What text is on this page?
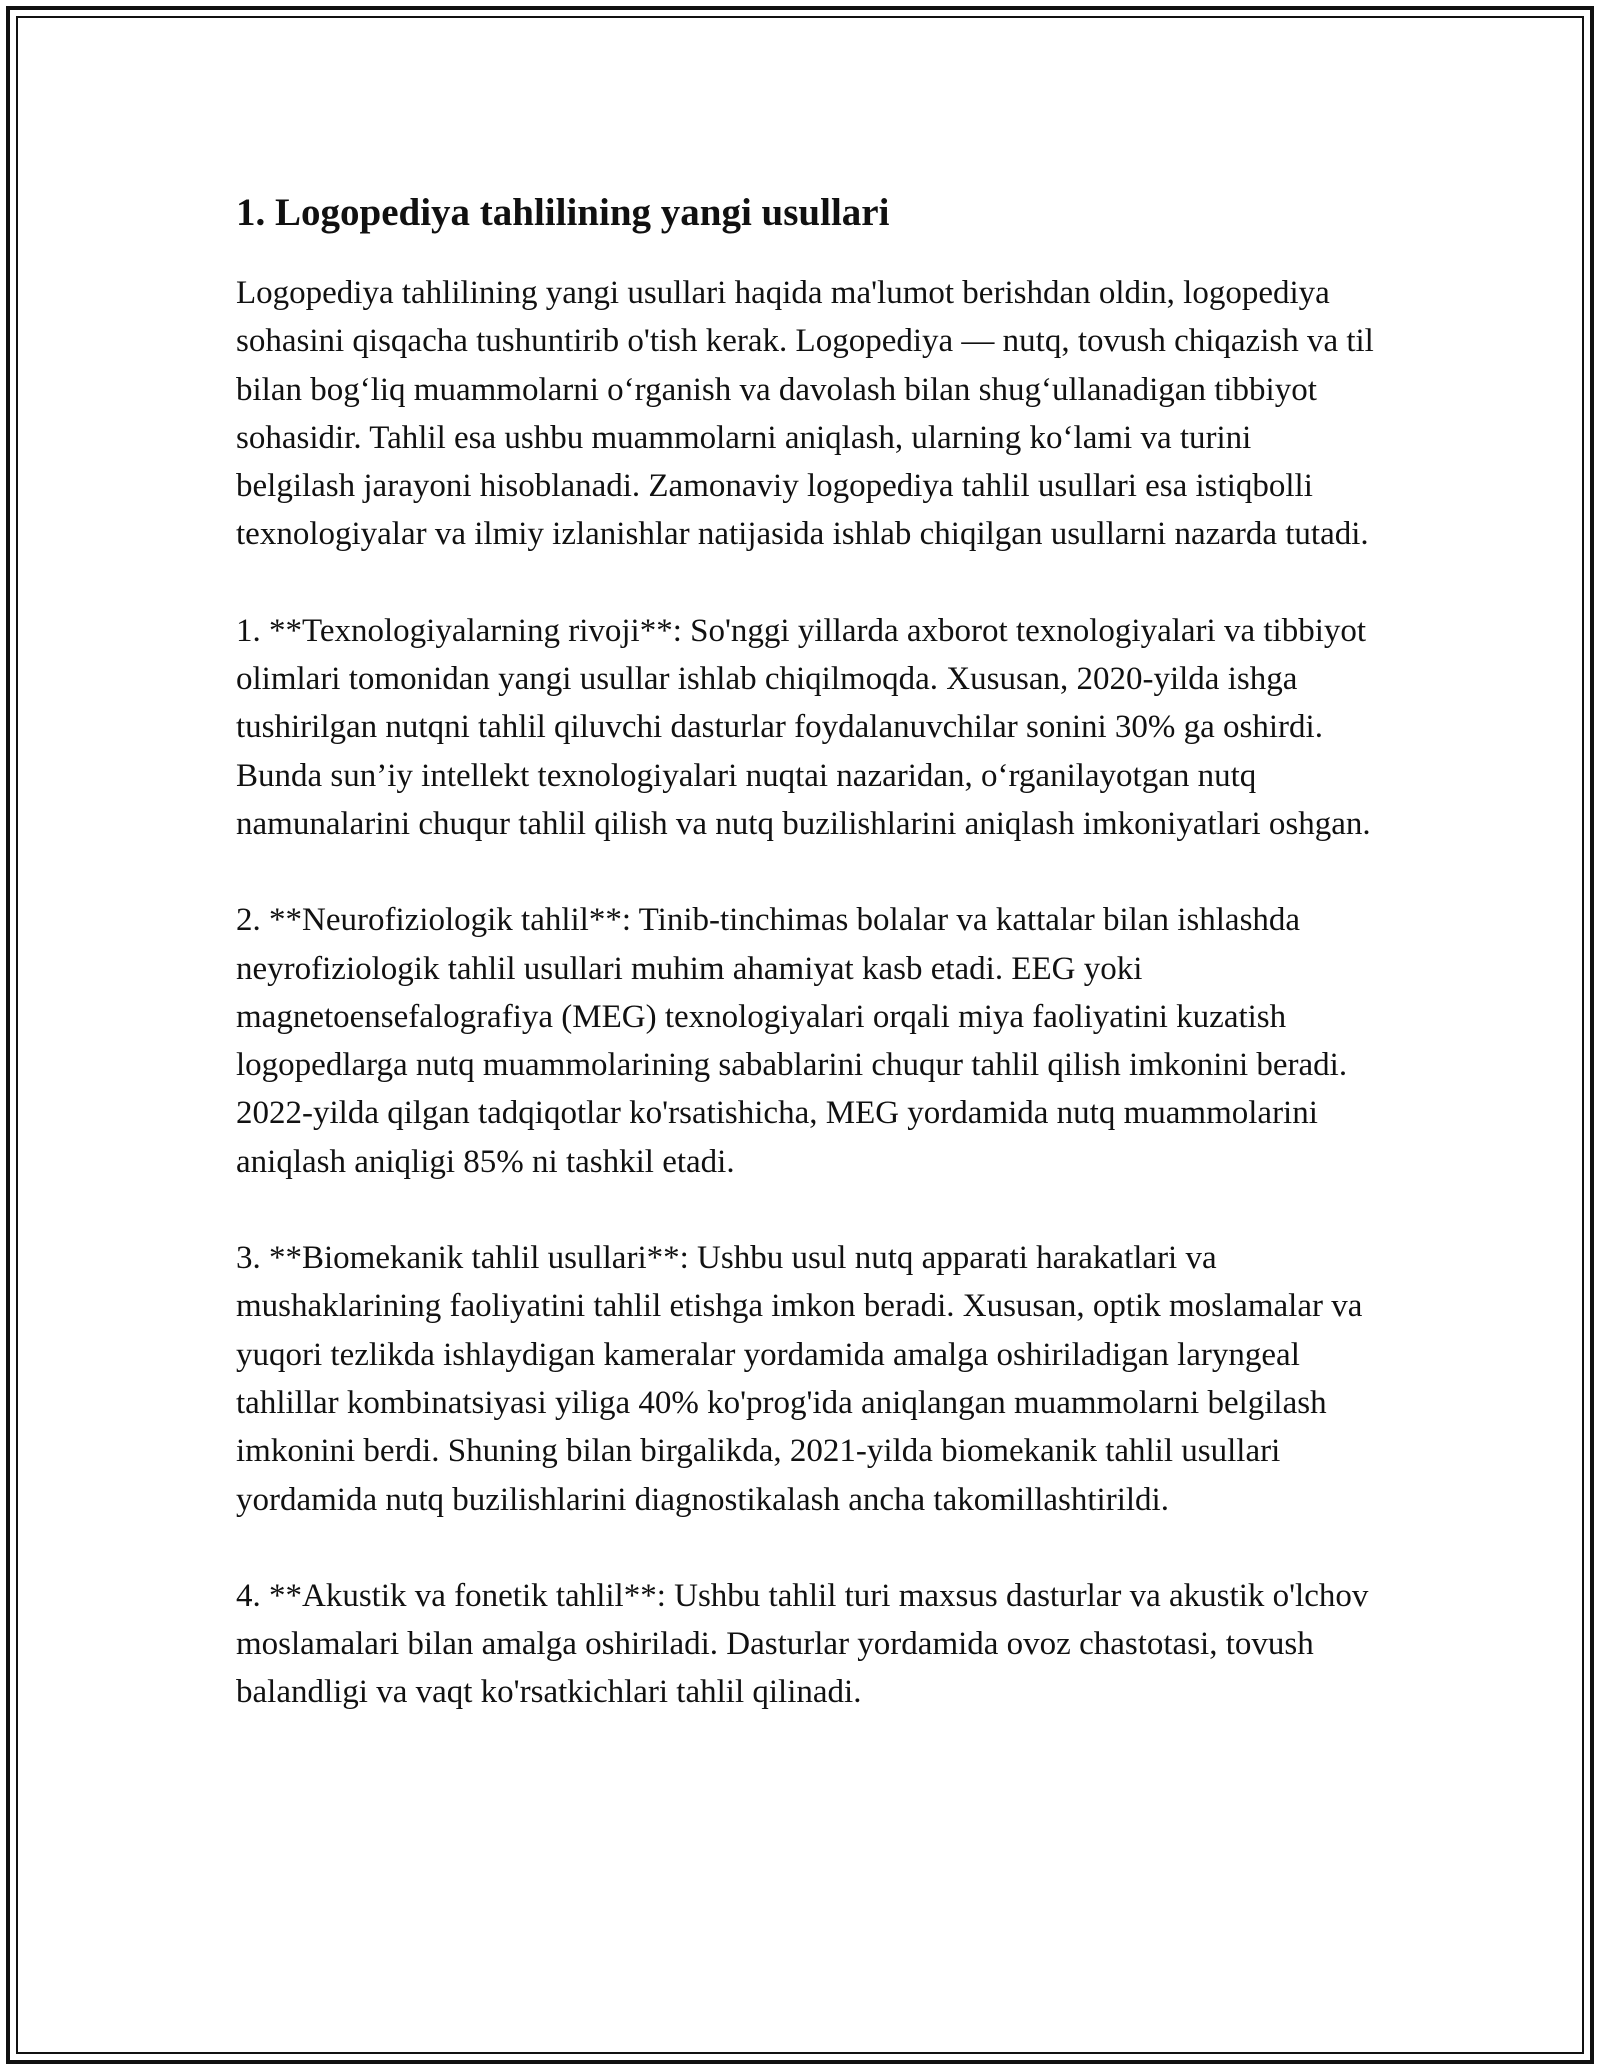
1. Logopediya tahlilining yangi usullari

Logopediya tahlilining yangi usullari haqida ma'lumot berishdan oldin, logopediya sohasini qisqacha tushuntirib o'tish kerak. Logopediya — nutq, tovush chiqazish va til bilan bog‘liq muammolarni o‘rganish va davolash bilan shug‘ullanadigan tibbiyot sohasidir. Tahlil esa ushbu muammolarni aniqlash, ularning ko‘lami va turini belgilash jarayoni hisoblanadi. Zamonaviy logopediya tahlil usullari esa istiqbolli texnologiyalar va ilmiy izlanishlar natijasida ishlab chiqilgan usullarni nazarda tutadi.

1. **Texnologiyalarning rivoji**: So'nggi yillarda axborot texnologiyalari va tibbiyot olimlari tomonidan yangi usullar ishlab chiqilmoqda. Xususan, 2020-yilda ishga tushirilgan nutqni tahlil qiluvchi dasturlar foydalanuvchilar sonini 30% ga oshirdi. Bunda sun’iy intellekt texnologiyalari nuqtai nazaridan, o‘rganilayotgan nutq namunalarini chuqur tahlil qilish va nutq buzilishlarini aniqlash imkoniyatlari oshgan.

2. **Neurofiziologik tahlil**: Tinib-tinchimas bolalar va kattalar bilan ishlashda neyrofiziologik tahlil usullari muhim ahamiyat kasb etadi. EEG yoki magnetoensefalografiya (MEG) texnologiyalari orqali miya faoliyatini kuzatish logopedlarga nutq muammolarining sabablarini chuqur tahlil qilish imkonini beradi. 2022-yilda qilgan tadqiqotlar ko'rsatishicha, MEG yordamida nutq muammolarini aniqlash aniqligi 85% ni tashkil etadi.

3. **Biomekanik tahlil usullari**: Ushbu usul nutq apparati harakatlari va mushaklarining faoliyatini tahlil etishga imkon beradi. Xususan, optik moslamalar va yuqori tezlikda ishlaydigan kameralar yordamida amalga oshiriladigan laryngeal tahlillar kombinatsiyasi yiliga 40% ko'prog'ida aniqlangan muammolarni belgilash imkonini berdi. Shuning bilan birgalikda, 2021-yilda biomekanik tahlil usullari yordamida nutq buzilishlarini diagnostikalash ancha takomillashtirildi.

4. **Akustik va fonetik tahlil**: Ushbu tahlil turi maxsus dasturlar va akustik o'lchov moslamalari bilan amalga oshiriladi. Dasturlar yordamida ovoz chastotasi, tovush balandligi va vaqt ko'rsatkichlari tahlil qilinadi.
